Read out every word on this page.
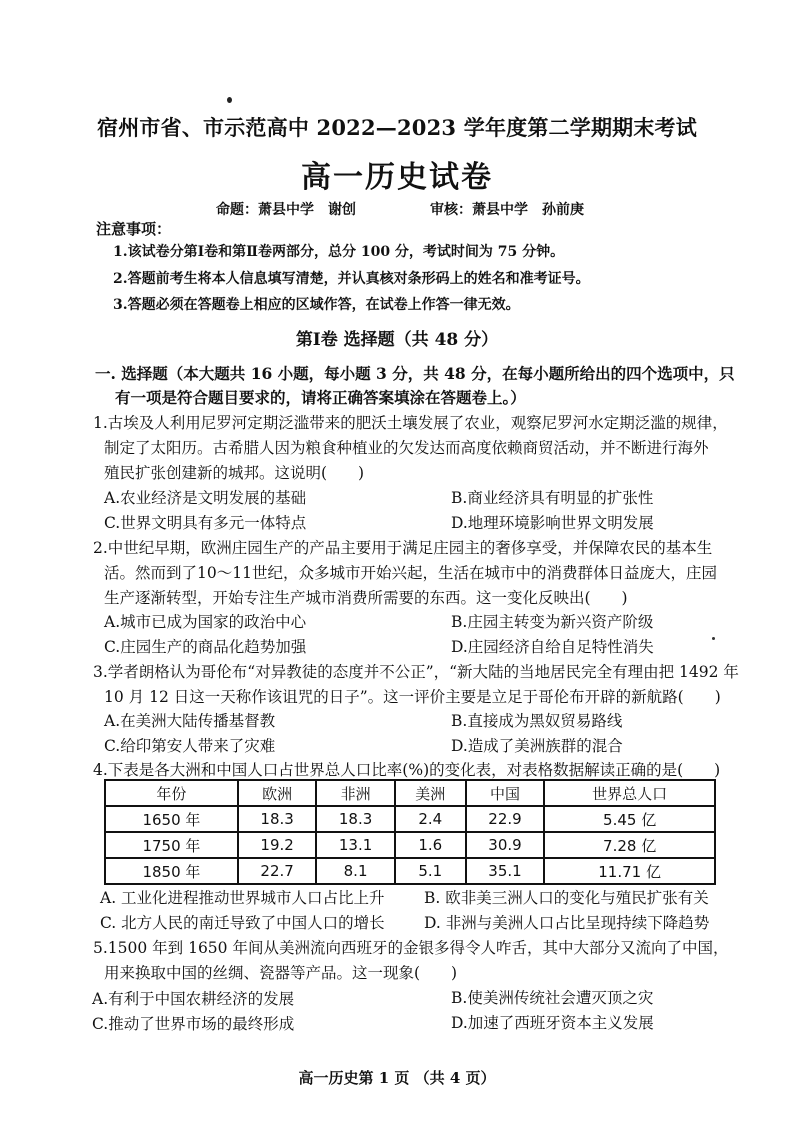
宿州市省、市示范高中 2022—2023 学年度第二学期期末考试
高一历史试卷
命题：萧县中学　谢创	审核：萧县中学　孙前庚
注意事项：
1.该试卷分第Ⅰ卷和第Ⅱ卷两部分，总分 100 分，考试时间为 75 分钟。
2.答题前考生将本人信息填写清楚，并认真核对条形码上的姓名和准考证号。
3.答题必须在答题卷上相应的区域作答，在试卷上作答一律无效。
第Ⅰ卷 选择题（共 48 分）
一. 选择题（本大题共 16 小题，每小题 3 分，共 48 分，在每小题所给出的四个选项中，只
有一项是符合题目要求的，请将正确答案填涂在答题卷上。）
1.古埃及人利用尼罗河定期泛滥带来的肥沃土壤发展了农业，观察尼罗河水定期泛滥的规律，
制定了太阳历。古希腊人因为粮食种植业的欠发达而高度依赖商贸活动，并不断进行海外
殖民扩张创建新的城邦。这说明(　　)
A.农业经济是文明发展的基础	B.商业经济具有明显的扩张性
C.世界文明具有多元一体特点	D.地理环境影响世界文明发展
2.中世纪早期，欧洲庄园生产的产品主要用于满足庄园主的奢侈享受，并保障农民的基本生
活。然而到了10～11世纪，众多城市开始兴起，生活在城市中的消费群体日益庞大，庄园
生产逐渐转型，开始专注生产城市消费所需要的东西。这一变化反映出(　　)
A.城市已成为国家的政治中心	B.庄园主转变为新兴资产阶级
C.庄园生产的商品化趋势加强	D.庄园经济自给自足特性消失
3.学者朗格认为哥伦布“对异教徒的态度并不公正”，“新大陆的当地居民完全有理由把 1492 年
10 月 12 日这一天称作该诅咒的日子”。这一评价主要是立足于哥伦布开辟的新航路(　　)
A.在美洲大陆传播基督教	B.直接成为黑奴贸易路线
C.给印第安人带来了灾难	D.造成了美洲族群的混合
4.下表是各大洲和中国人口占世界总人口比率(%)的变化表，对表格数据解读正确的是(　　)
年份	欧洲	非洲	美洲	中国	世界总人口
1650 年	18.3	18.3	2.4	22.9	5.45 亿
1750 年	19.2	13.1	1.6	30.9	7.28 亿
1850 年	22.7	8.1	5.1	35.1	11.71 亿
A. 工业化进程推动世界城市人口占比上升	B. 欧非美三洲人口的变化与殖民扩张有关
C. 北方人民的南迁导致了中国人口的增长	D. 非洲与美洲人口占比呈现持续下降趋势
5.1500 年到 1650 年间从美洲流向西班牙的金银多得令人咋舌，其中大部分又流向了中国，
用来换取中国的丝绸、瓷器等产品。这一现象(　　)
A.有利于中国农耕经济的发展	B.使美洲传统社会遭灭顶之灾
C.推动了世界市场的最终形成	D.加速了西班牙资本主义发展
高一历史第 1 页 （共 4 页）
